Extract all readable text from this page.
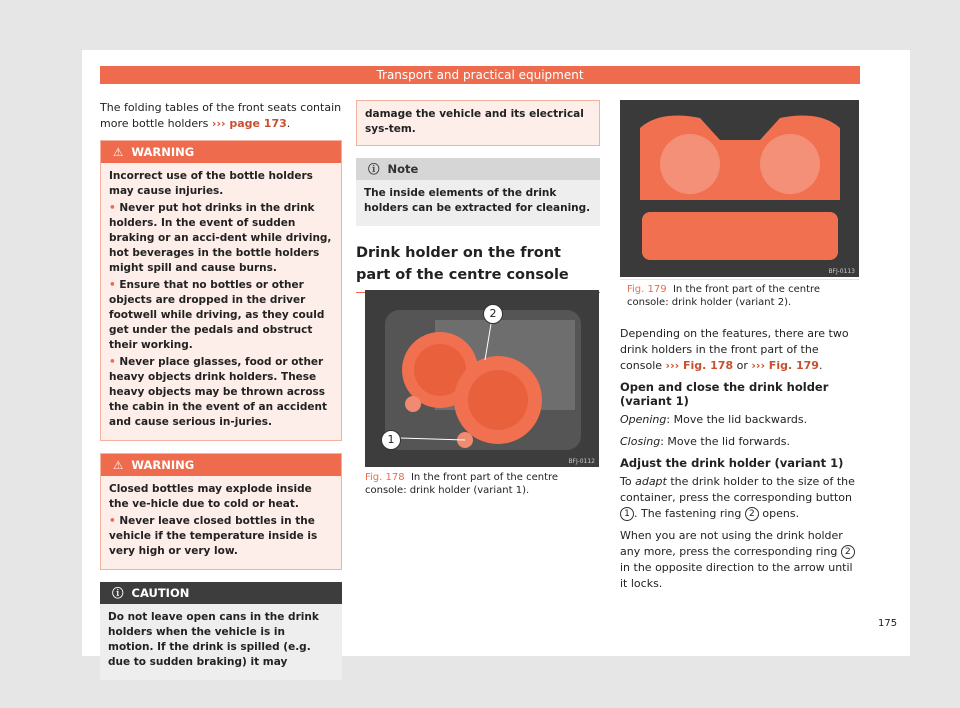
Transport and practical equipment

The folding tables of the front seats contain more bottle holders ››› page 173.

⚠ WARNING

Incorrect use of the bottle holders may cause injuries.

• Never put hot drinks in the drink holders. In the event of sudden braking or an acci-dent while driving, hot beverages in the bottle holders might spill and cause burns.

• Ensure that no bottles or other objects are dropped in the driver footwell while driving, as they could get under the pedals and obstruct their working.

• Never place glasses, food or other heavy objects drink holders. These heavy objects may be thrown across the cabin in the event of an accident and cause serious in-juries.

⚠ WARNING

Closed bottles may explode inside the ve-hicle due to cold or heat.

• Never leave closed bottles in the vehicle if the temperature inside is very high or very low.

ⓘ CAUTION

Do not leave open cans in the drink holders when the vehicle is in motion. If the drink is spilled (e.g. due to sudden braking) it may

damage the vehicle and its electrical sys-tem.
ⓘ Note

The inside elements of the drink holders can be extracted for cleaning.

Drink holder on the front part of the centre console
1
2
BFJ-0112
Fig. 178 In the front part of the centre console: drink holder (variant 1).
BFJ-0113
Fig. 179 In the front part of the centre console: drink holder (variant 2).

Depending on the features, there are two drink holders in the front part of the console ››› Fig. 178 or ››› Fig. 179.

Open and close the drink holder (variant 1)

Opening: Move the lid backwards.

Closing: Move the lid forwards.

Adjust the drink holder (variant 1)

To adapt the drink holder to the size of the container, press the corresponding button 1 . The fastening ring 2 opens.

When you are not using the drink holder any more, press the corresponding ring 2 in the opposite direction to the arrow until it locks.

175
